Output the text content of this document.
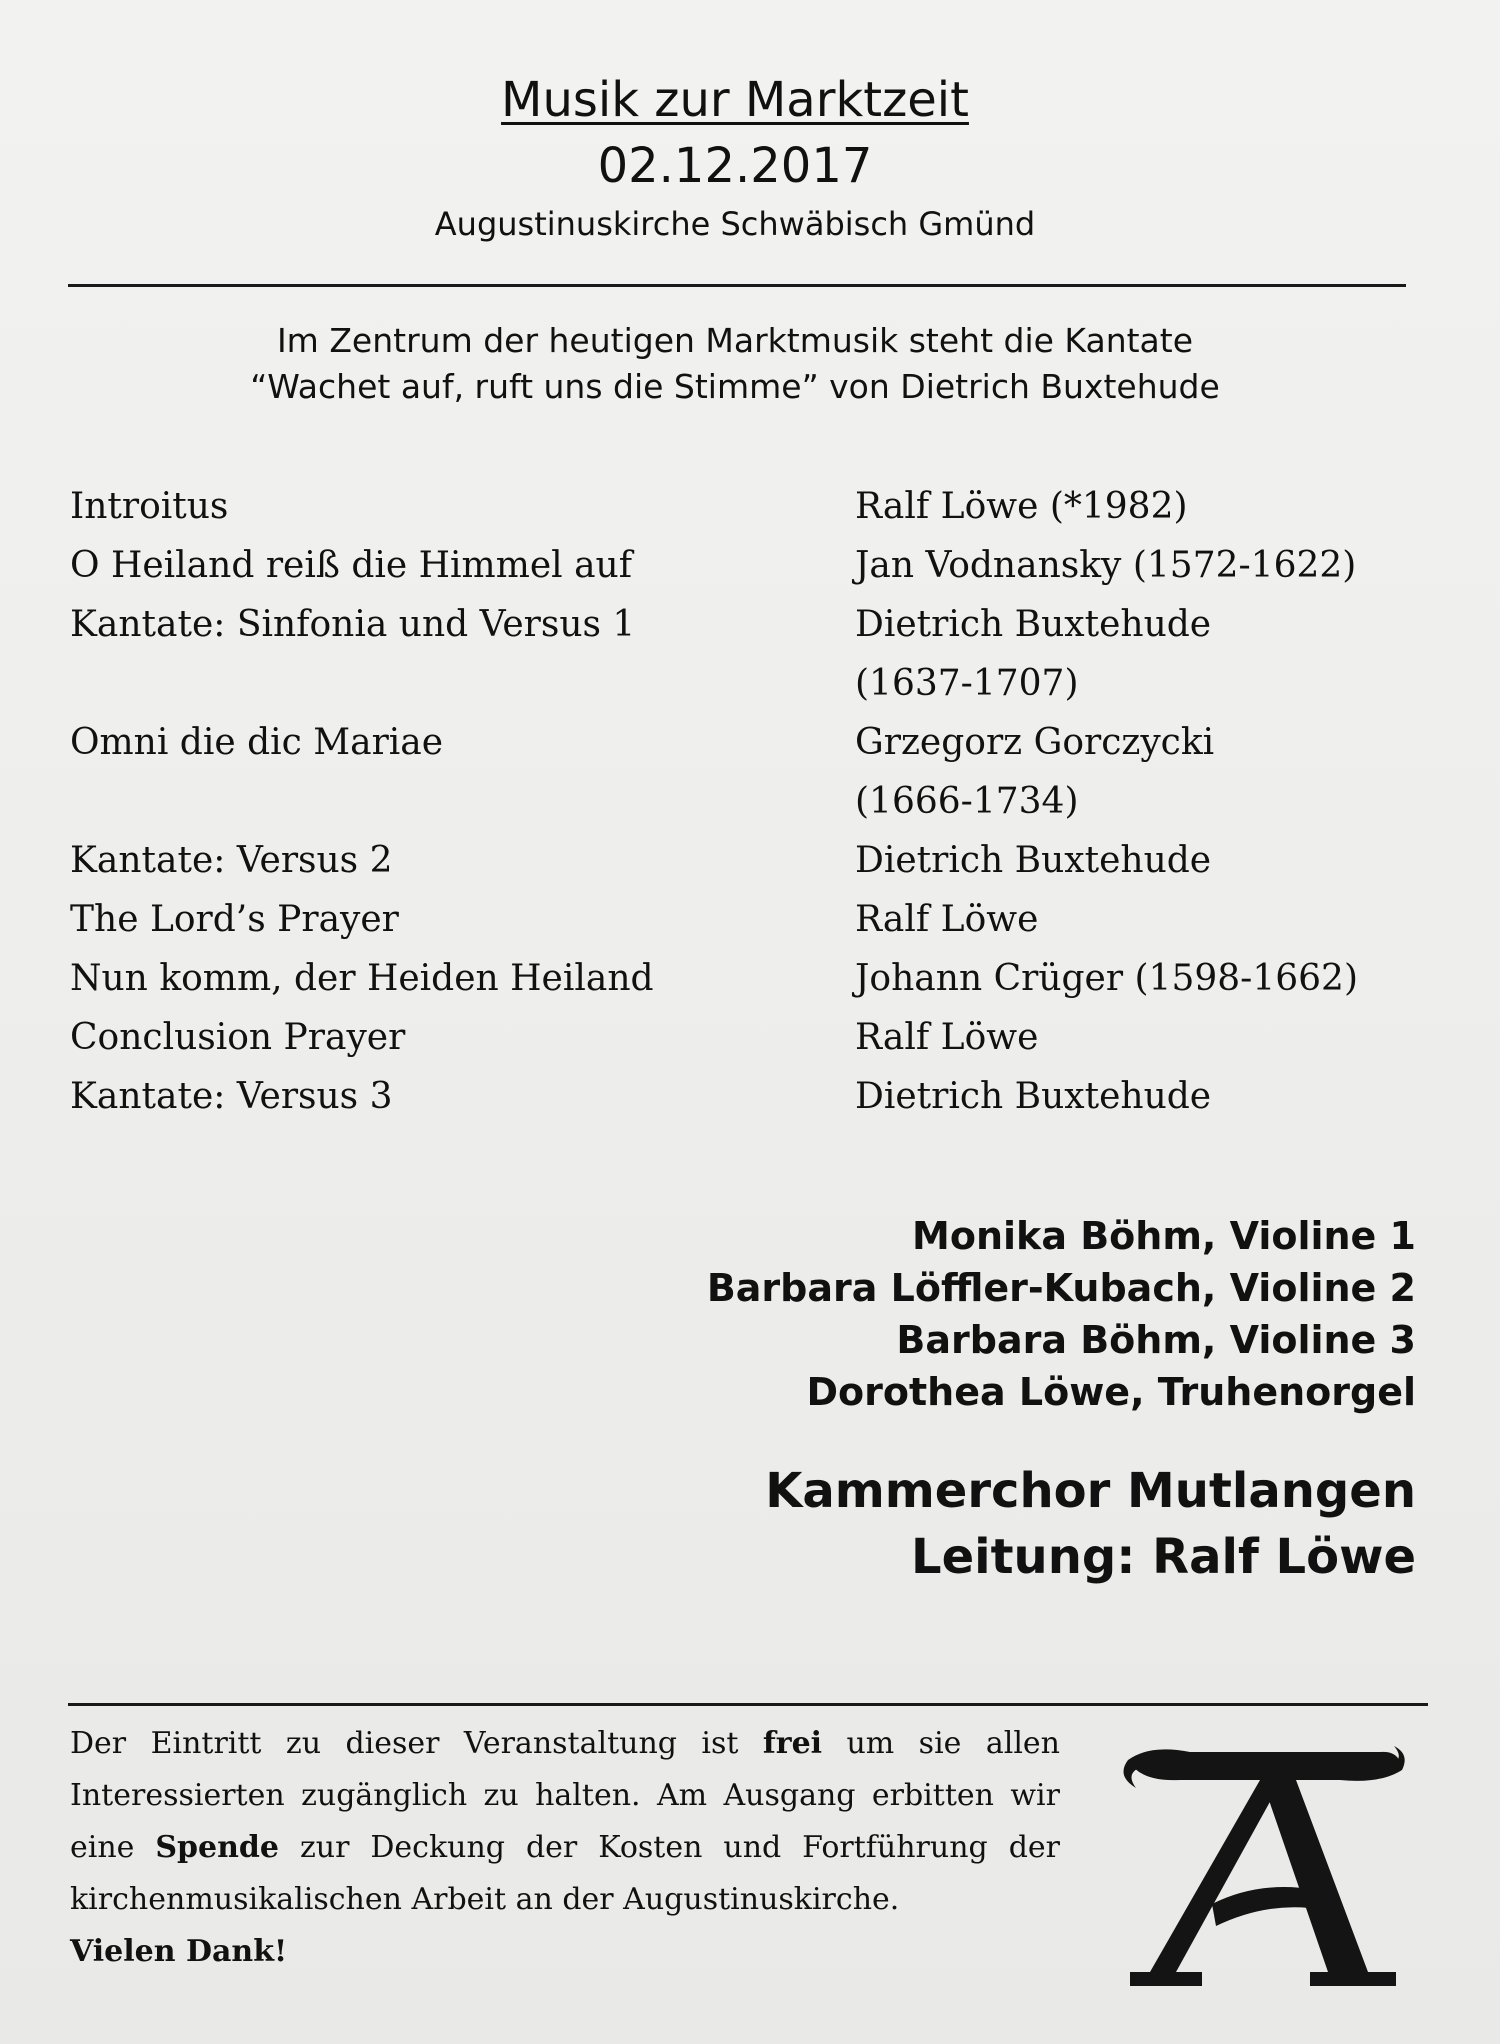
Musik zur Marktzeit
02.12.2017
Augustinuskirche Schwäbisch Gmünd
Im Zentrum der heutigen Marktmusik steht die Kantate
“Wachet auf, ruft uns die Stimme” von Dietrich Buxtehude
Introitus	Ralf Löwe (*1982)
O Heiland reiß die Himmel auf	Jan Vodnansky (1572-1622)
Kantate: Sinfonia und Versus 1	Dietrich Buxtehude
(1637-1707)
Omni die dic Mariae	Grzegorz Gorczycki
(1666-1734)
Kantate: Versus 2	Dietrich Buxtehude
The Lord’s Prayer	Ralf Löwe
Nun komm, der Heiden Heiland	Johann Crüger (1598-1662)
Conclusion Prayer	Ralf Löwe
Kantate: Versus 3	Dietrich Buxtehude
Monika Böhm, Violine 1
Barbara Löffler-Kubach, Violine 2
Barbara Böhm, Violine 3
Dorothea Löwe, Truhenorgel
Kammerchor Mutlangen
Leitung: Ralf Löwe
Der Eintritt zu dieser Veranstaltung ist frei um sie allen Interessierten zugänglich zu halten. Am Ausgang erbitten wir eine Spende zur Deckung der Kosten und Fortführung der kirchenmusikalischen Arbeit an der Augustinuskirche.
Vielen Dank!
